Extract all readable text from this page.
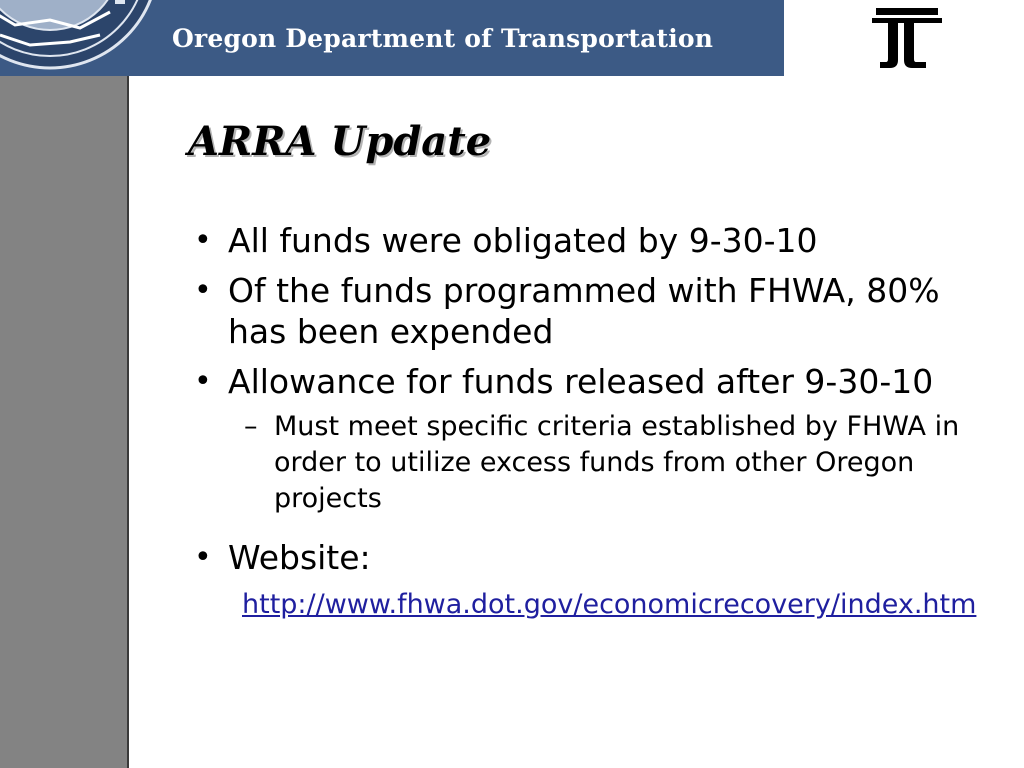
Oregon Department of Transportation
ARRA Update
• All funds were obligated by 9-30-10
• Of the funds programmed with FHWA, 80% has been expended
• Allowance for funds released after 9-30-10
– Must meet specific criteria established by FHWA in order to utilize excess funds from other Oregon projects
• Website:
http://www.fhwa.dot.gov/economicrecovery/index.htm
